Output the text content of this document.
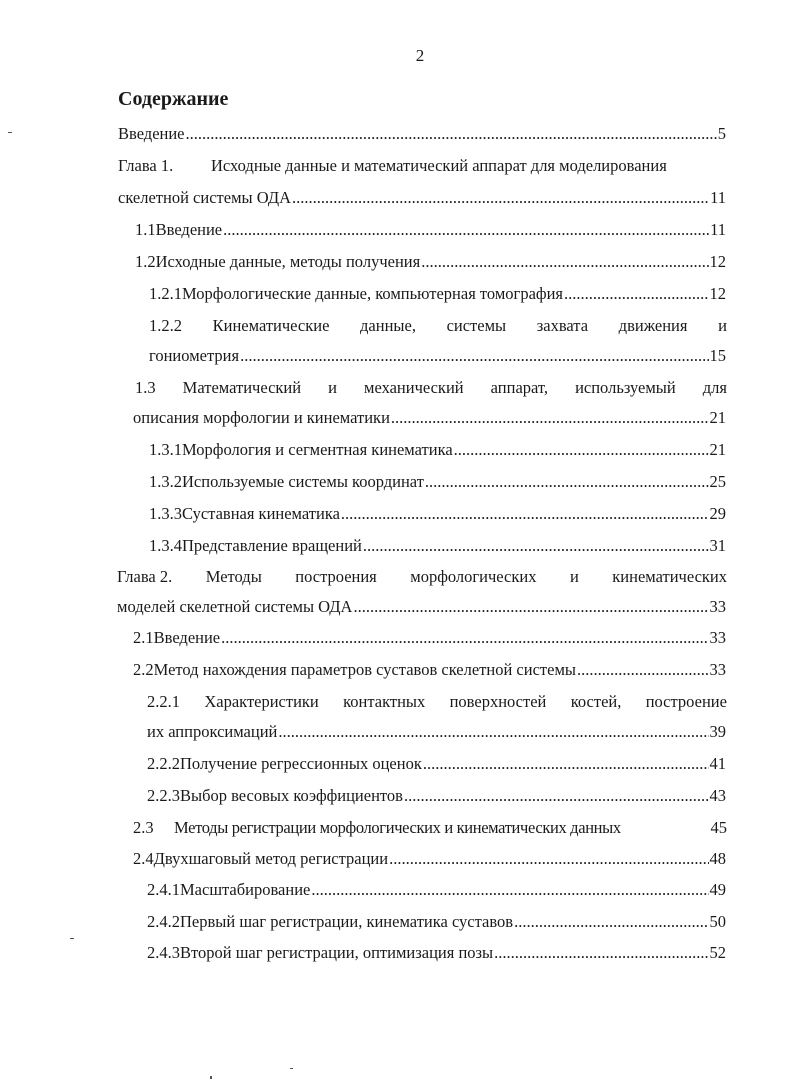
2
Содержание
Введение .....	5
Глава 1.	Исходные данные и математический аппарат для моделирования
скелетной системы ОДА .....	11
1.1 Введение .....	11
1.2 Исходные данные, методы получения .....	12
1.2.1 Морфологические данные, компьютерная томография .....	12
1.2.2 Кинематические данные, системы захвата движения и
гониометрия .....	15
1.3 Математический и механический аппарат, используемый для
описания морфологии и кинематики .....	21
1.3.1 Морфология и сегментная кинематика .....	21
1.3.2 Используемые системы координат .....	25
1.3.3 Суставная кинематика .....	29
1.3.4 Представление вращений .....	31
Глава 2. Методы построения морфологических и кинематических
моделей скелетной системы ОДА .....	33
2.1 Введение .....	33
2.2 Метод нахождения параметров суставов скелетной системы .....	33
2.2.1 Характеристики контактных поверхностей костей, построение
их аппроксимаций .....	39
2.2.2 Получение регрессионных оценок .....	41
2.2.3 Выбор весовых коэффициентов .....	43
2.3	Методы регистрации морфологических и кинематических данных	45
2.4 Двухшаговый метод регистрации .....	48
2.4.1 Масштабирование .....	49
2.4.2 Первый шаг регистрации, кинематика суставов .....	50
2.4.3 Второй шаг регистрации, оптимизация позы .....	52
